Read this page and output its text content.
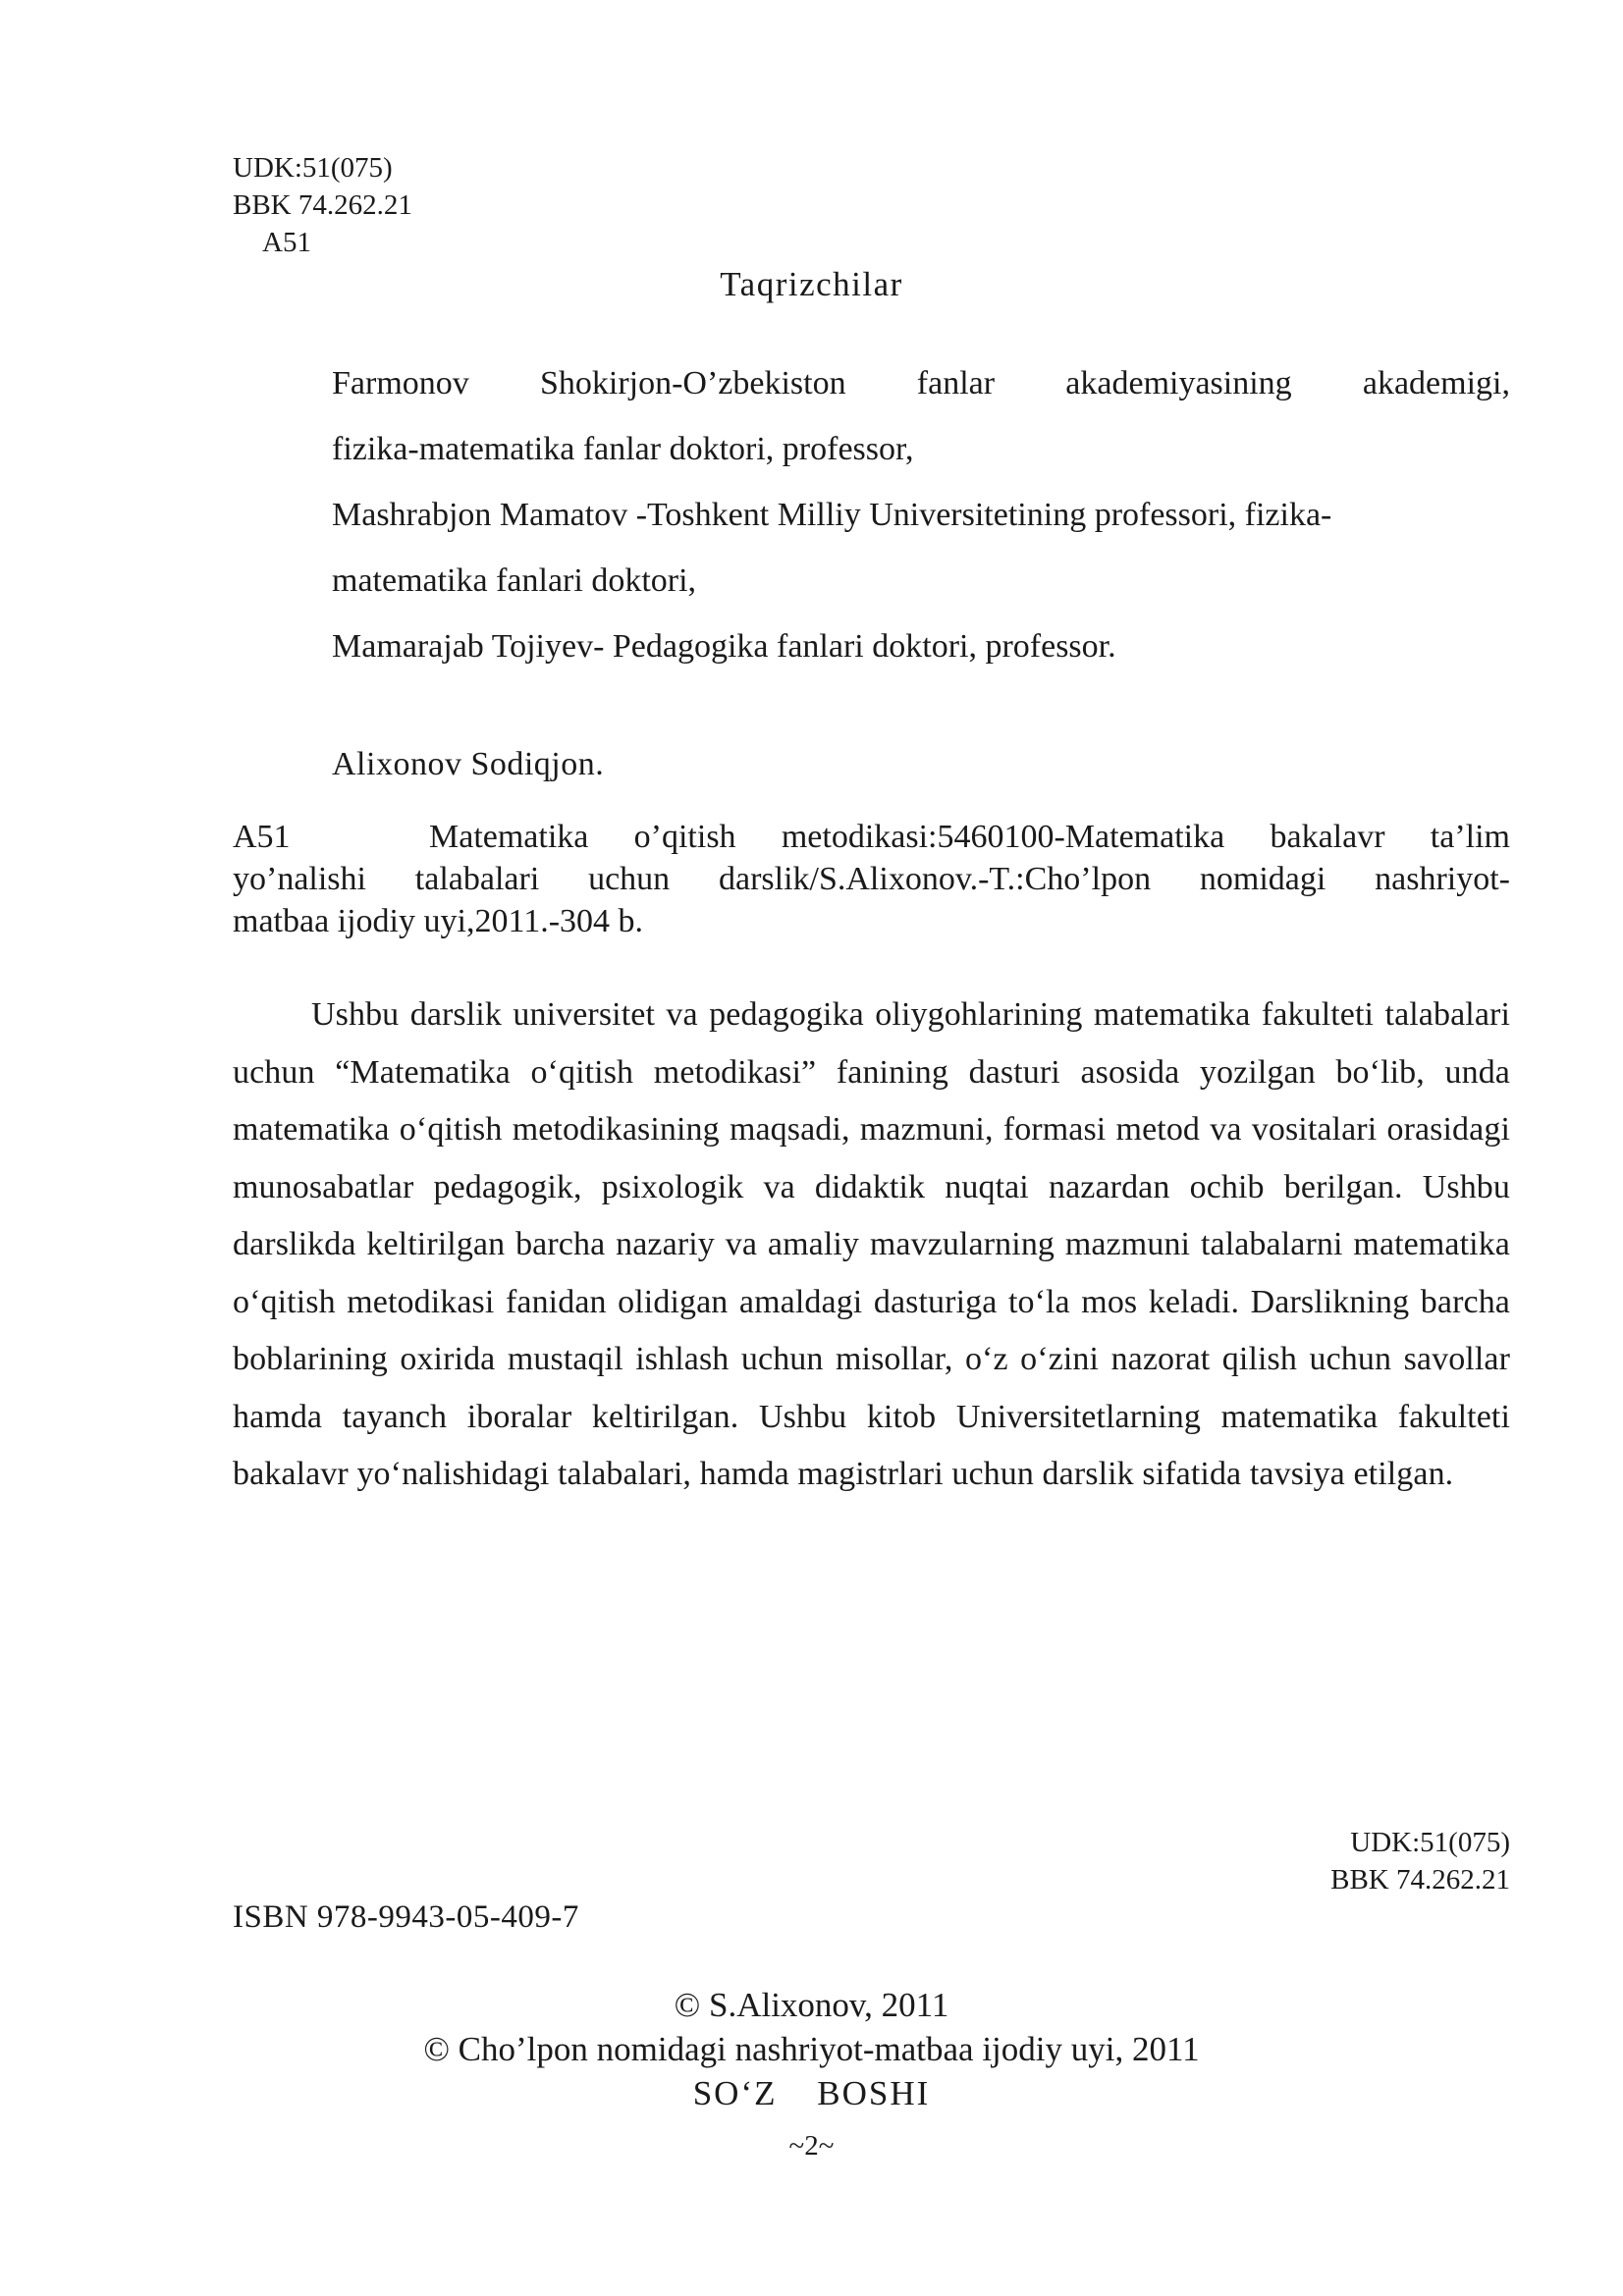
UDK:51(075)
BBK 74.262.21
A51
Taqrizchilar
Farmonov Shokirjon-O’zbekiston fanlar akademiyasining akademigi,
fizika-matematika fanlar doktori, professor,
Mashrabjon Mamatov -Toshkent Milliy Universitetining professori, fizika-
matematika fanlari doktori,
Mamarajab Tojiyev- Pedagogika fanlari doktori, professor.
Alixonov Sodiqjon.
A51	Matematika o’qitish metodikasi:5460100-Matematika bakalavr ta’lim
yo’nalishi talabalari uchun darslik/S.Alixonov.-T.:Cho’lpon nomidagi nashriyot-
matbaa ijodiy uyi,2011.-304 b.

Ushbu darslik universitet va pedagogika oliygohlarining matematika fakulteti talabalari uchun “Matematika o‘qitish metodikasi” fanining dasturi asosida yozilgan bo‘lib, unda matematika o‘qitish metodikasining maqsadi, mazmuni, formasi metod va vositalari orasidagi munosabatlar pedagogik, psixologik va didaktik nuqtai nazardan ochib berilgan. Ushbu darslikda keltirilgan barcha nazariy va amaliy mavzularning mazmuni talabalarni matematika o‘qitish metodikasi fanidan olidigan amaldagi dasturiga to‘la mos keladi. Darslikning barcha boblarining oxirida mustaqil ishlash uchun misollar, o‘z o‘zini nazorat qilish uchun savollar hamda tayanch iboralar keltirilgan. Ushbu kitob Universitetlarning matematika fakulteti bakalavr yo‘nalishidagi talabalari, hamda magistrlari uchun darslik sifatida tavsiya etilgan.

UDK:51(075)
BBK 74.262.21
ISBN 978-9943-05-409-7
© S.Alixonov, 2011
© Cho’lpon nomidagi nashriyot-matbaa ijodiy uyi, 2011
SO‘Z BOSHI
~2~
